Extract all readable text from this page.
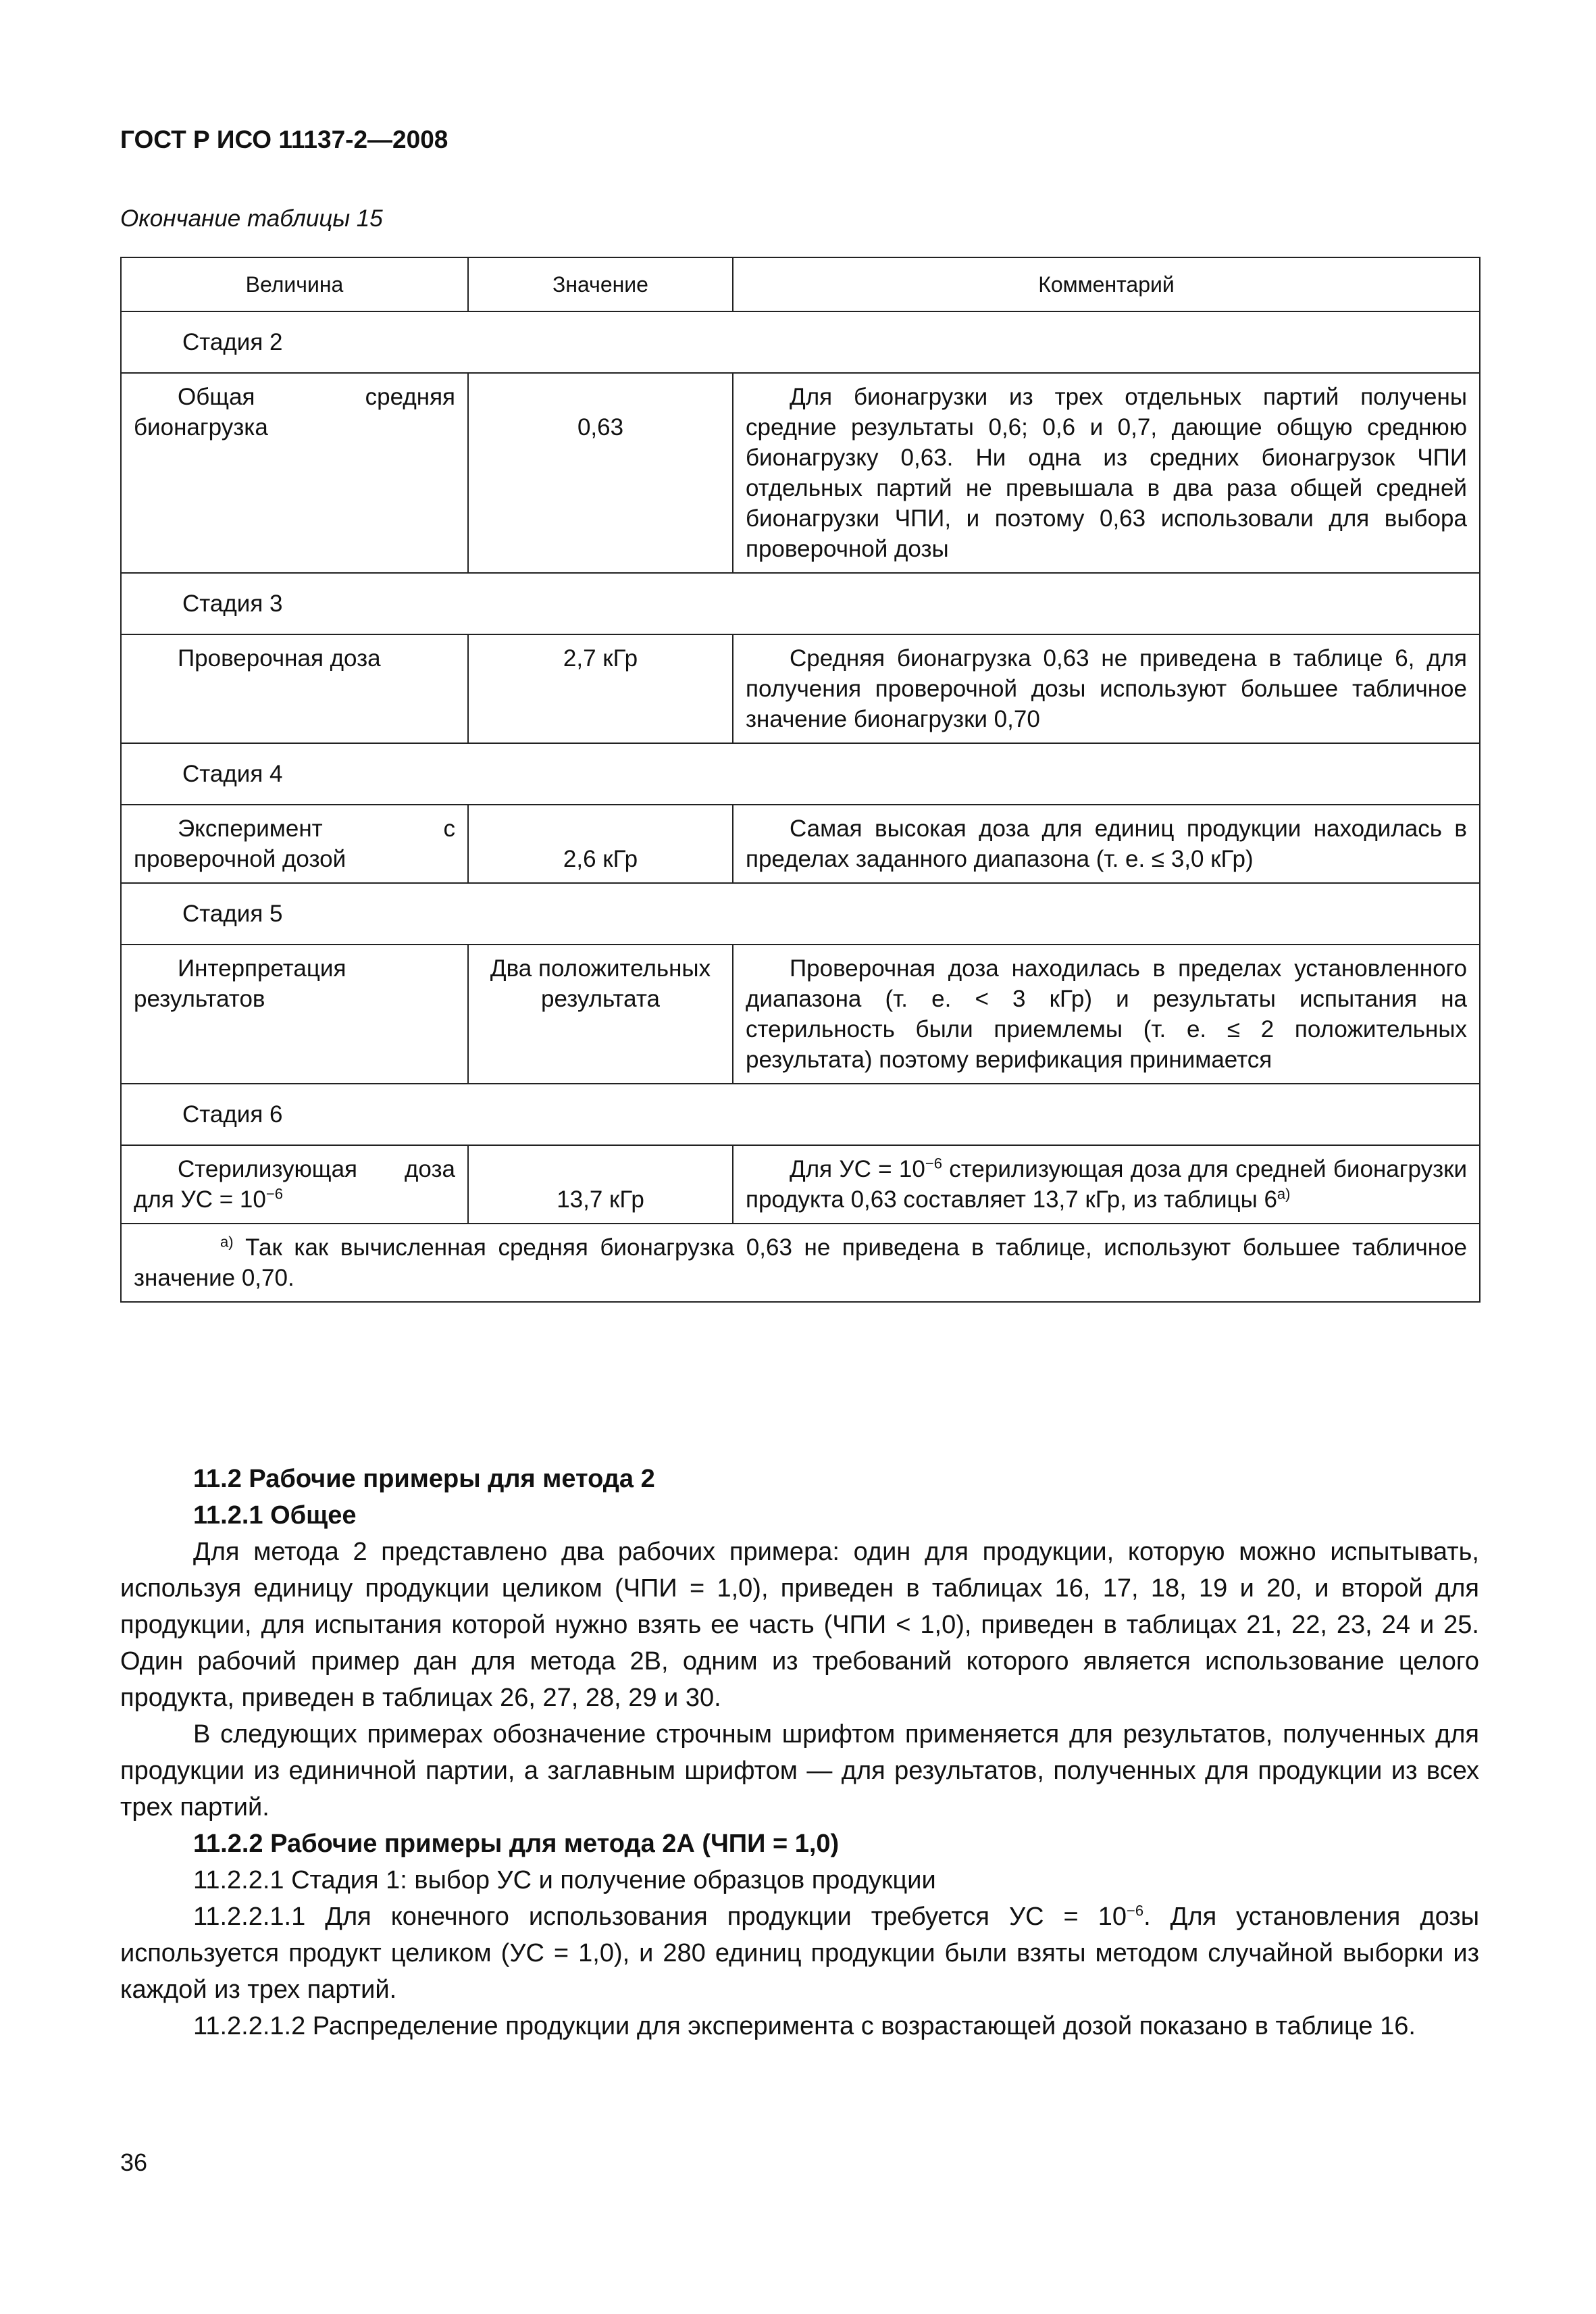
ГОСТ Р ИСО 11137-2—2008
Окончание таблицы 15
Величина	Значение	Комментарий
Стадия 2		
Общая средняя бионагрузка	0,63	Для бионагрузки из трех отдельных партий получены средние результаты 0,6; 0,6 и 0,7, дающие общую среднюю бионагрузку 0,63. Ни одна из средних бионагрузок ЧПИ отдельных партий не превышала в два раза общей средней бионагрузки ЧПИ, и поэтому 0,63 использовали для выбора проверочной дозы
Стадия 3		
Проверочная доза	2,7 кГр	Средняя бионагрузка 0,63 не приведена в таблице 6, для получения проверочной дозы используют большее табличное значение бионагрузки 0,70
Стадия 4		
Эксперимент с проверочной дозой	2,6 кГр	Самая высокая доза для единиц продукции находилась в пределах заданного диапазона (т. е. ≤ 3,0 кГр)
Стадия 5		
Интерпретация результатов	Два положительных результата	Проверочная доза находилась в пределах установленного диапазона (т. е. < 3 кГр) и результаты испытания на стерильность были приемлемы (т. е. ≤ 2 положительных результата) поэтому верификация принимается
Стадия 6		
Стерилизующая доза для УС = $10^{-6}$	13,7 кГр	Для УС = $10^{-6}$ стерилизующая доза для средней бионагрузки продукта 0,63 составляет 13,7 кГр, из таблицы 6$^{a)}$
$^{a)}$ Так как вычисленная средняя бионагрузка 0,63 не приведена в таблице, используют большее табличное значение 0,70.		

11.2 Рабочие примеры для метода 2

11.2.1 Общее

Для метода 2 представлено два рабочих примера: один для продукции, которую можно испытывать, используя единицу продукции целиком (ЧПИ = 1,0), приведен в таблицах 16, 17, 18, 19 и 20, и второй для продукции, для испытания которой нужно взять ее часть (ЧПИ < 1,0), приведен в таблицах 21, 22, 23, 24 и 25. Один рабочий пример дан для метода 2B, одним из требований которого является использование целого продукта, приведен в таблицах 26, 27, 28, 29 и 30.

В следующих примерах обозначение строчным шрифтом применяется для результатов, полученных для продукции из единичной партии, а заглавным шрифтом — для результатов, полученных для продукции из всех трех партий.

11.2.2 Рабочие примеры для метода 2А (ЧПИ = 1,0)

11.2.2.1 Стадия 1: выбор УС и получение образцов продукции

11.2.2.1.1 Для конечного использования продукции требуется УС = $10^{-6}$. Для установления дозы используется продукт целиком (УС = 1,0), и 280 единиц продукции были взяты методом случайной выборки из каждой из трех партий.

11.2.2.1.2 Распределение продукции для эксперимента с возрастающей дозой показано в таблице 16.

36
